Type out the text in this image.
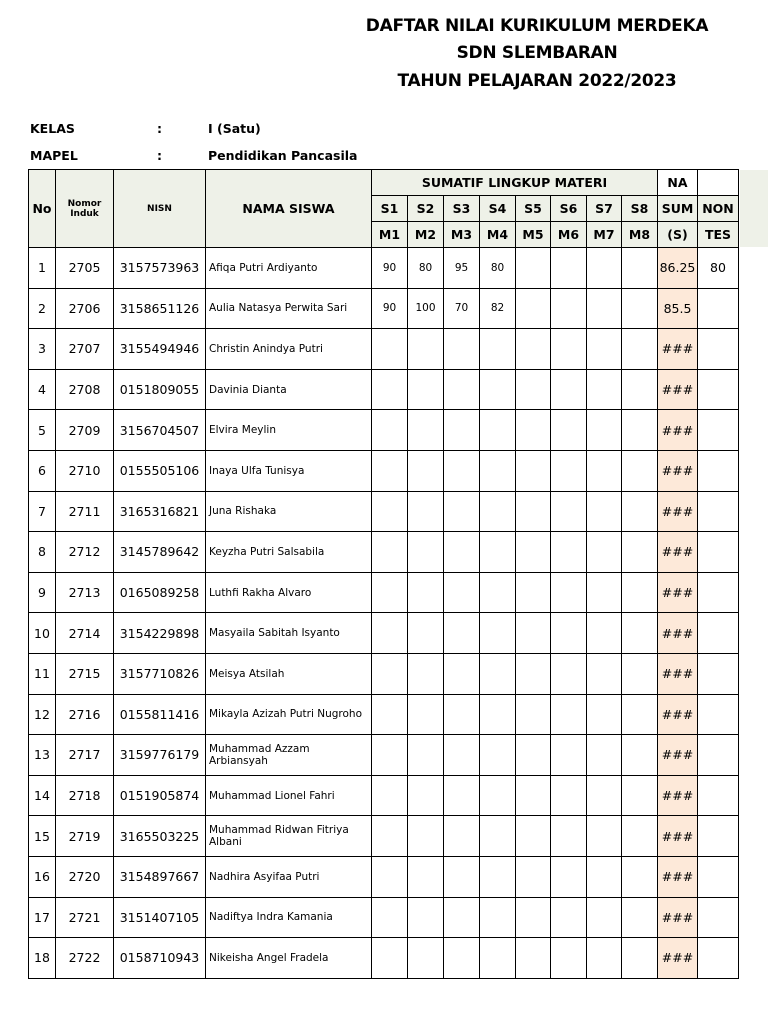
DAFTAR NILAI KURIKULUM MERDEKA
SDN SLEMBARAN
TAHUN PELAJARAN 2022/2023
KELAS	:	I (Satu)
MAPEL	:	Pendidikan Pancasila
No	Nomor Induk	NISN	NAMA SISWA	SUMATIF LINGKUP MATERI								NA	
				S1	S2	S3	S4	S5	S6	S7	S8	SUM	NON
				M1	M2	M3	M4	M5	M6	M7	M8	(S)	TES
1	2705	3157573963	Afiqa Putri Ardiyanto	90	80	95	80					86.25	80
2	2706	3158651126	Aulia Natasya Perwita Sari	90	100	70	82					85.5	
3	2707	3155494946	Christin Anindya Putri									###	
4	2708	0151809055	Davinia Dianta									###	
5	2709	3156704507	Elvira Meylin									###	
6	2710	0155505106	Inaya Ulfa Tunisya									###	
7	2711	3165316821	Juna Rishaka									###	
8	2712	3145789642	Keyzha Putri Salsabila									###	
9	2713	0165089258	Luthfi Rakha Alvaro									###	
10	2714	3154229898	Masyaila Sabitah Isyanto									###	
11	2715	3157710826	Meisya Atsilah									###	
12	2716	0155811416	Mikayla Azizah Putri Nugroho									###	
13	2717	3159776179	Muhammad Azzam Arbiansyah									###	
14	2718	0151905874	Muhammad Lionel Fahri									###	
15	2719	3165503225	Muhammad Ridwan Fitriya Albani									###	
16	2720	3154897667	Nadhira Asyifaa Putri									###	
17	2721	3151407105	Nadiftya Indra Kamania									###	
18	2722	0158710943	Nikeisha Angel Fradela									###	
